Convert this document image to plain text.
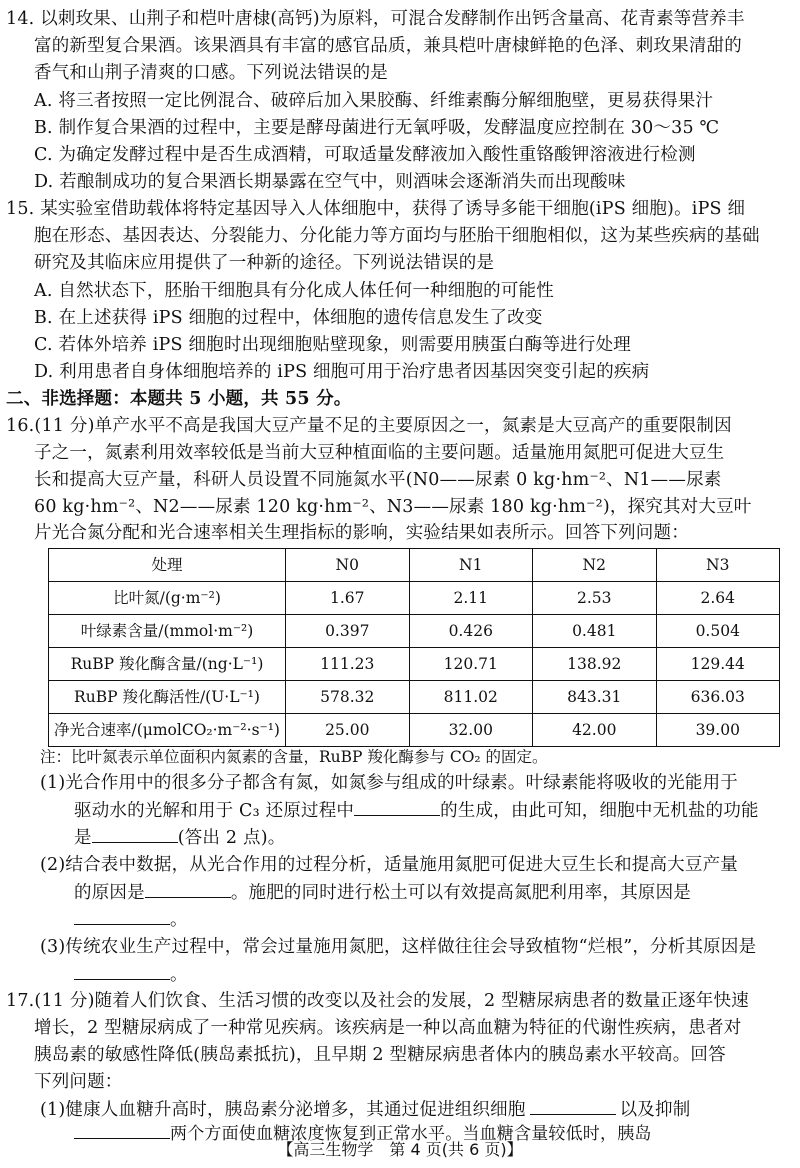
14. 以刺玫果、山荆子和桤叶唐棣(高钙)为原料，可混合发酵制作出钙含量高、花青素等营养丰
富的新型复合果酒。该果酒具有丰富的感官品质，兼具桤叶唐棣鲜艳的色泽、刺玫果清甜的
香气和山荆子清爽的口感。下列说法错误的是
A. 将三者按照一定比例混合、破碎后加入果胶酶、纤维素酶分解细胞壁，更易获得果汁
B. 制作复合果酒的过程中，主要是酵母菌进行无氧呼吸，发酵温度应控制在 30～35 ℃
C. 为确定发酵过程中是否生成酒精，可取适量发酵液加入酸性重铬酸钾溶液进行检测
D. 若酿制成功的复合果酒长期暴露在空气中，则酒味会逐渐消失而出现酸味
15. 某实验室借助载体将特定基因导入人体细胞中，获得了诱导多能干细胞(iPS 细胞)。iPS 细
胞在形态、基因表达、分裂能力、分化能力等方面均与胚胎干细胞相似，这为某些疾病的基础
研究及其临床应用提供了一种新的途径。下列说法错误的是
A. 自然状态下，胚胎干细胞具有分化成人体任何一种细胞的可能性
B. 在上述获得 iPS 细胞的过程中，体细胞的遗传信息发生了改变
C. 若体外培养 iPS 细胞时出现细胞贴壁现象，则需要用胰蛋白酶等进行处理
D. 利用患者自身体细胞培养的 iPS 细胞可用于治疗患者因基因突变引起的疾病
二、非选择题：本题共 5 小题，共 55 分。
16.(11 分)单产水平不高是我国大豆产量不足的主要原因之一，氮素是大豆高产的重要限制因
子之一，氮素利用效率较低是当前大豆种植面临的主要问题。适量施用氮肥可促进大豆生
长和提高大豆产量，科研人员设置不同施氮水平(N0——尿素 0 kg·hm⁻²、N1——尿素
60 kg·hm⁻²、N2——尿素 120 kg·hm⁻²、N3——尿素 180 kg·hm⁻²)，探究其对大豆叶
片光合氮分配和光合速率相关生理指标的影响，实验结果如表所示。回答下列问题：
处理	N0	N1	N2	N3
比叶氮/(g·m⁻²)	1.67	2.11	2.53	2.64
叶绿素含量/(mmol·m⁻²)	0.397	0.426	0.481	0.504
RuBP 羧化酶含量/(ng·L⁻¹)	111.23	120.71	138.92	129.44
RuBP 羧化酶活性/(U·L⁻¹)	578.32	811.02	843.31	636.03
净光合速率/(μmolCO₂·m⁻²·s⁻¹)	25.00	32.00	42.00	39.00
注：比叶氮表示单位面积内氮素的含量，RuBP 羧化酶参与 CO₂ 的固定。
(1)光合作用中的很多分子都含有氮，如氮参与组成的叶绿素。叶绿素能将吸收的光能用于
驱动水的光解和用于 C₃ 还原过程中	的生成，由此可知，细胞中无机盐的功能
是	(答出 2 点)。
(2)结合表中数据，从光合作用的过程分析，适量施用氮肥可促进大豆生长和提高大豆产量
的原因是	。施肥的同时进行松土可以有效提高氮肥利用率，其原因是
。
(3)传统农业生产过程中，常会过量施用氮肥，这样做往往会导致植物“烂根”，分析其原因是
。
17.(11 分)随着人们饮食、生活习惯的改变以及社会的发展，2 型糖尿病患者的数量正逐年快速
增长，2 型糖尿病成了一种常见疾病。该疾病是一种以高血糖为特征的代谢性疾病，患者对
胰岛素的敏感性降低(胰岛素抵抗)，且早期 2 型糖尿病患者体内的胰岛素水平较高。回答
下列问题：
(1)健康人血糖升高时，胰岛素分泌增多，其通过促进组织细胞	以及抑制
两个方面使血糖浓度恢复到正常水平。当血糖含量较低时，胰岛
【高三生物学　第 4 页(共 6 页)】
